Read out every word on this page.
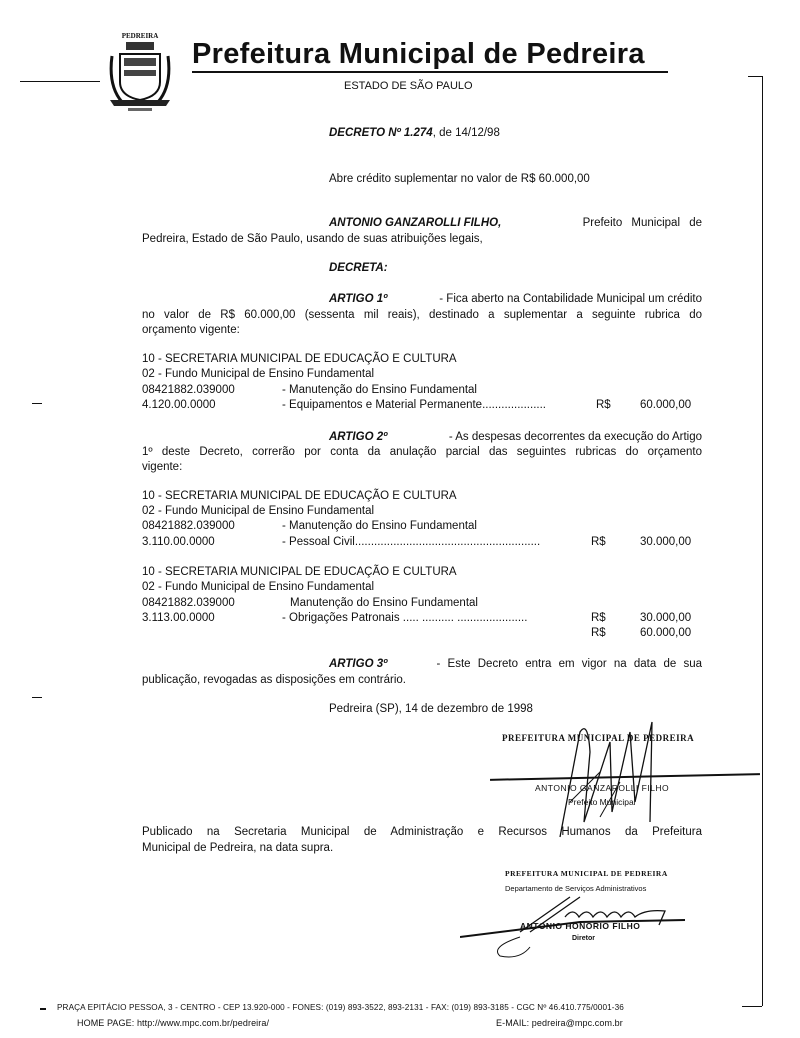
PEDREIRA
Prefeitura Municipal de Pedreira
ESTADO DE SÃO PAULO
DECRETO Nº 1.274, de 14/12/98
Abre crédito suplementar no valor de R$ 60.000,00
ANTONIO GANZAROLLI FILHO,	Prefeito Municipal de
Pedreira, Estado de São Paulo, usando de suas atribuições legais,
DECRETA:
ARTIGO 1º	- Fica aberto na Contabilidade Municipal um crédito
no valor de R$ 60.000,00 (sessenta mil reais), destinado a suplementar a seguinte rubrica do
orçamento vigente:
10 - SECRETARIA MUNICIPAL DE EDUCAÇÃO E CULTURA
02 - Fundo Municipal de Ensino Fundamental
08421882.039000	- Manutenção do Ensino Fundamental
4.120.00.0000	- Equipamentos e Material Permanente....................	R$	60.000,00
ARTIGO 2º	- As despesas decorrentes da execução do Artigo
1º deste Decreto, correrão por conta da anulação parcial das seguintes rubricas do orçamento
vigente:
10 - SECRETARIA MUNICIPAL DE EDUCAÇÃO E CULTURA
02 - Fundo Municipal de Ensino Fundamental
08421882.039000	- Manutenção do Ensino Fundamental
3.110.00.0000	- Pessoal Civil..........................................................	R$	30.000,00
10 - SECRETARIA MUNICIPAL DE EDUCAÇÃO E CULTURA
02 - Fundo Municipal de Ensino Fundamental
08421882.039000	Manutenção do Ensino Fundamental
3.113.00.0000	- Obrigações Patronais ..... .......... ......................	R$	30.000,00
R$	60.000,00
ARTIGO 3º	- Este Decreto entra em vigor na data de sua
publicação, revogadas as disposições em contrário.
Pedreira (SP), 14 de dezembro de 1998
PREFEITURA MUNICIPAL DE PEDREIRA
ANTONIO GANZAROLLI FILHO
Prefeito Municipal
Publicado na Secretaria Municipal de Administração e Recursos Humanos da Prefeitura
Municipal de Pedreira, na data supra.
PREFEITURA MUNICIPAL DE PEDREIRA
Departamento de Serviços Administrativos
ANTONIO HONORIO FILHO
Diretor
PRAÇA EPITÁCIO PESSOA, 3 - CENTRO - CEP 13.920-000 - FONES: (019) 893-3522, 893-2131 - FAX: (019) 893-3185 - CGC Nº 46.410.775/0001-36
HOME PAGE: http://www.mpc.com.br/pedreira/	E-MAIL: pedreira@mpc.com.br
